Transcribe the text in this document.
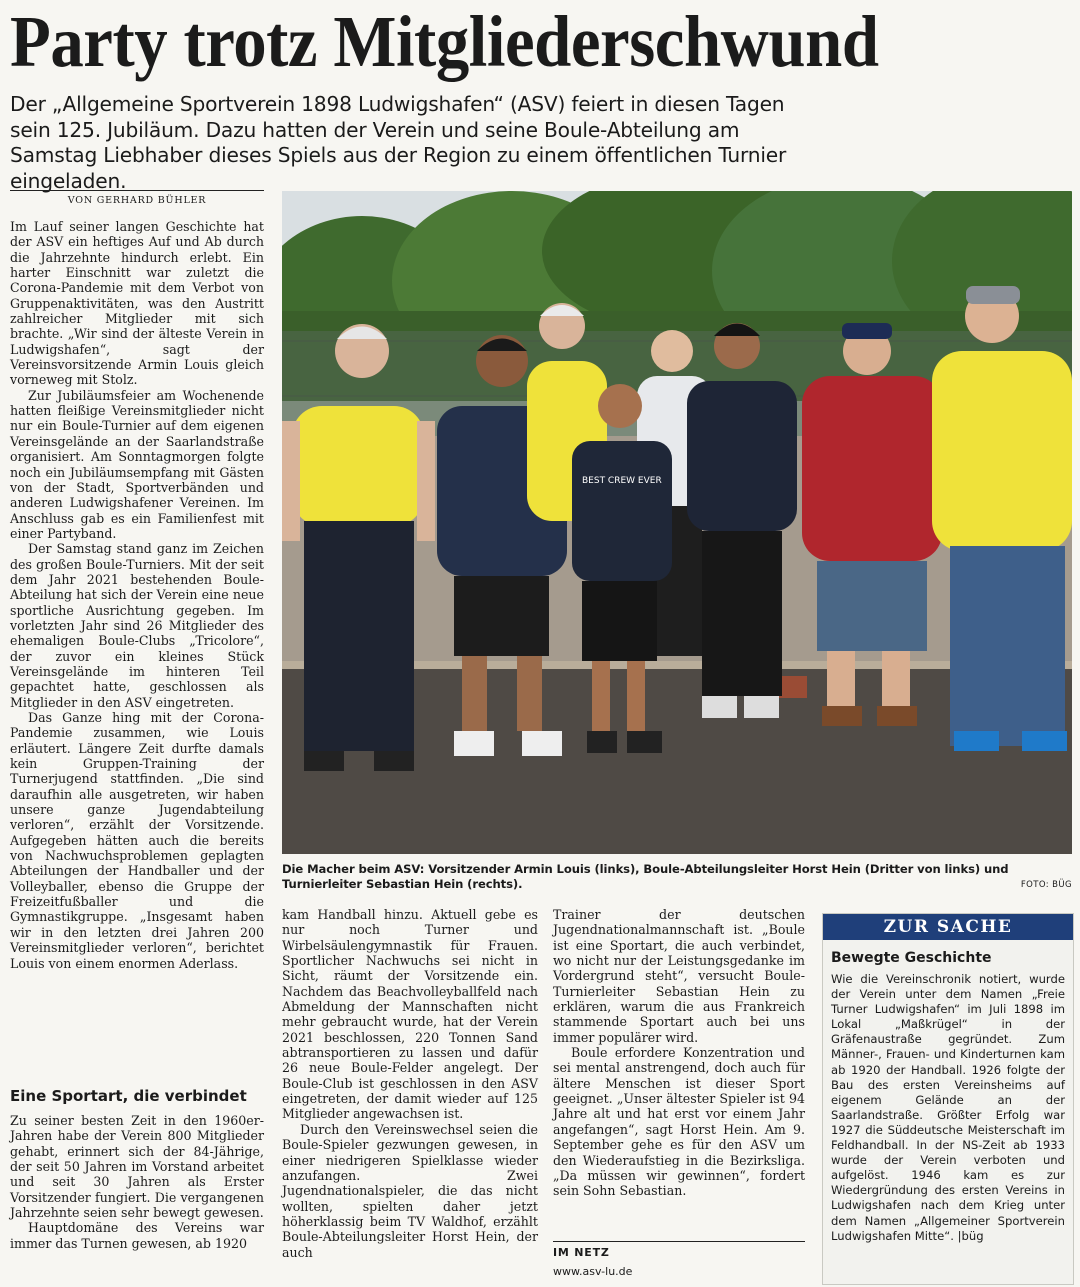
Party trotz Mitgliederschwund

Der „Allgemeine Sportverein 1898 Ludwigshafen“ (ASV) feiert in diesen Tagen sein 125. Jubiläum. Dazu hatten der Verein und seine Boule-Abteilung am Samstag Liebhaber dieses Spiels aus der Region zu einem öffentlichen Turnier eingeladen.

VON GERHARD BÜHLER

Im Lauf seiner langen Geschichte hat der ASV ein heftiges Auf und Ab durch die Jahrzehnte hindurch erlebt. Ein harter Einschnitt war zuletzt die Corona-Pandemie mit dem Verbot von Gruppenaktivitäten, was den Austritt zahlreicher Mitglieder mit sich brachte. „Wir sind der älteste Verein in Ludwigshafen“, sagt der Vereinsvorsitzende Armin Louis gleich vorneweg mit Stolz.

Zur Jubiläumsfeier am Wochenende hatten fleißige Vereinsmitglieder nicht nur ein Boule-Turnier auf dem eigenen Vereinsgelände an der Saarlandstraße organisiert. Am Sonntagmorgen folgte noch ein Jubiläumsempfang mit Gästen von der Stadt, Sportverbänden und anderen Ludwigshafener Vereinen. Im Anschluss gab es ein Familienfest mit einer Partyband.

Der Samstag stand ganz im Zeichen des großen Boule-Turniers. Mit der seit dem Jahr 2021 bestehenden Boule-Abteilung hat sich der Verein eine neue sportliche Ausrichtung gegeben. Im vorletzten Jahr sind 26 Mitglieder des ehemaligen Boule-Clubs „Tricolore“, der zuvor ein kleines Stück Vereinsgelände im hinteren Teil gepachtet hatte, geschlossen als Mitglieder in den ASV eingetreten.

Das Ganze hing mit der Corona-Pandemie zusammen, wie Louis erläutert. Längere Zeit durfte damals kein Gruppen-Training der Turnerjugend stattfinden. „Die sind daraufhin alle ausgetreten, wir haben unsere ganze Jugendabteilung verloren“, erzählt der Vorsitzende. Aufgegeben hätten auch die bereits von Nachwuchsproblemen geplagten Abteilungen der Handballer und der Volleyballer, ebenso die Gruppe der Freizeitfußballer und die Gymnastikgruppe. „Insgesamt haben wir in den letzten drei Jahren 200 Vereinsmitglieder verloren“, berichtet Louis von einem enormen Aderlass.

Eine Sportart, die verbindet

Zu seiner besten Zeit in den 1960er-Jahren habe der Verein 800 Mitglieder gehabt, erinnert sich der 84-Jährige, der seit 50 Jahren im Vorstand arbeitet und seit 30 Jahren als Erster Vorsitzender fungiert. Die vergangenen Jahrzehnte seien sehr bewegt gewesen.

Hauptdomäne des Vereins war immer das Turnen gewesen, ab 1920

BEST CREW EVER

Die Macher beim ASV: Vorsitzender Armin Louis (links), Boule-Abteilungsleiter Horst Hein (Dritter von links) und Turnierleiter Sebastian Hein (rechts).	FOTO: BÜG

kam Handball hinzu. Aktuell gebe es nur noch Turner und Wirbelsäulengymnastik für Frauen. Sportlicher Nachwuchs sei nicht in Sicht, räumt der Vorsitzende ein. Nachdem das Beachvolleyballfeld nach Abmeldung der Mannschaften nicht mehr gebraucht wurde, hat der Verein 2021 beschlossen, 220 Tonnen Sand abtransportieren zu lassen und dafür 26 neue Boule-Felder angelegt. Der Boule-Club ist geschlossen in den ASV eingetreten, der damit wieder auf 125 Mitglieder angewachsen ist.

Durch den Vereinswechsel seien die Boule-Spieler gezwungen gewesen, in einer niedrigeren Spielklasse wieder anzufangen. Zwei Jugendnationalspieler, die das nicht wollten, spielten daher jetzt höherklassig beim TV Waldhof, erzählt Boule-Abteilungsleiter Horst Hein, der auch

Trainer der deutschen Jugendnationalmannschaft ist. „Boule ist eine Sportart, die auch verbindet, wo nicht nur der Leistungsgedanke im Vordergrund steht“, versucht Boule-Turnierleiter Sebastian Hein zu erklären, warum die aus Frankreich stammende Sportart auch bei uns immer populärer wird.

Boule erfordere Konzentration und sei mental anstrengend, doch auch für ältere Menschen ist dieser Sport geeignet. „Unser ältester Spieler ist 94 Jahre alt und hat erst vor einem Jahr angefangen“, sagt Horst Hein. Am 9. September gehe es für den ASV um den Wiederaufstieg in die Bezirksliga. „Da müssen wir gewinnen“, fordert sein Sohn Sebastian.

IM NETZ
www.asv-lu.de
ZUR SACHE
Bewegte Geschichte

Wie die Vereinschronik notiert, wurde der Verein unter dem Namen „Freie Turner Ludwigshafen“ im Juli 1898 im Lokal „Maßkrügel“ in der Gräfenaustraße gegründet. Zum Männer-, Frauen- und Kinderturnen kam ab 1920 der Handball. 1926 folgte der Bau des ersten Vereinsheims auf eigenem Gelände an der Saarlandstraße. Größter Erfolg war 1927 die Süddeutsche Meisterschaft im Feldhandball. In der NS-Zeit ab 1933 wurde der Verein verboten und aufgelöst. 1946 kam es zur Wiedergründung des ersten Vereins in Ludwigshafen nach dem Krieg unter dem Namen „Allgemeiner Sportverein Ludwigshafen Mitte“. |büg
